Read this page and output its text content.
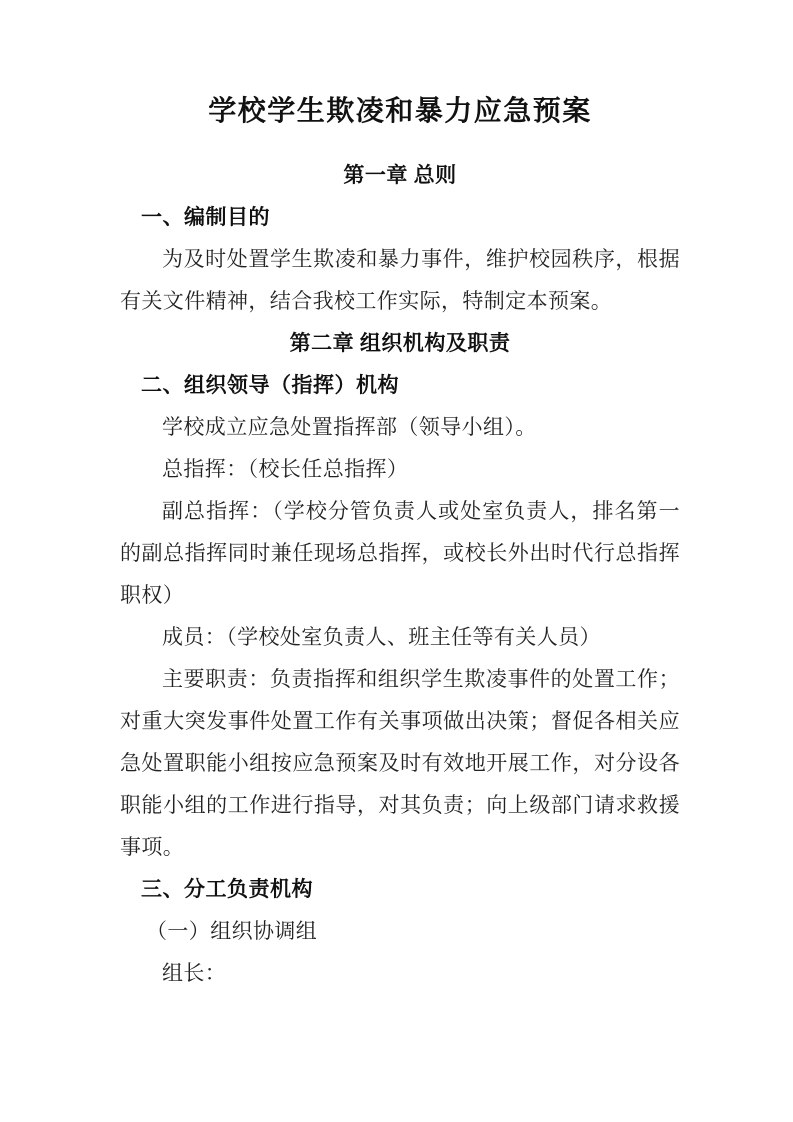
学校学生欺凌和暴力应急预案

第一章 总则

一、编制目的

为及时处置学生欺凌和暴力事件，维护校园秩序，根据有关文件精神，结合我校工作实际，特制定本预案。

第二章 组织机构及职责

二、组织领导（指挥）机构

学校成立应急处置指挥部（领导小组）。

总指挥：（校长任总指挥）

副总指挥：（学校分管负责人或处室负责人，排名第一的副总指挥同时兼任现场总指挥，或校长外出时代行总指挥职权）

成员：（学校处室负责人、班主任等有关人员）

主要职责：负责指挥和组织学生欺凌事件的处置工作；对重大突发事件处置工作有关事项做出决策；督促各相关应急处置职能小组按应急预案及时有效地开展工作，对分设各职能小组的工作进行指导，对其负责；向上级部门请求救援事项。

三、分工负责机构

（一）组织协调组

组长：
